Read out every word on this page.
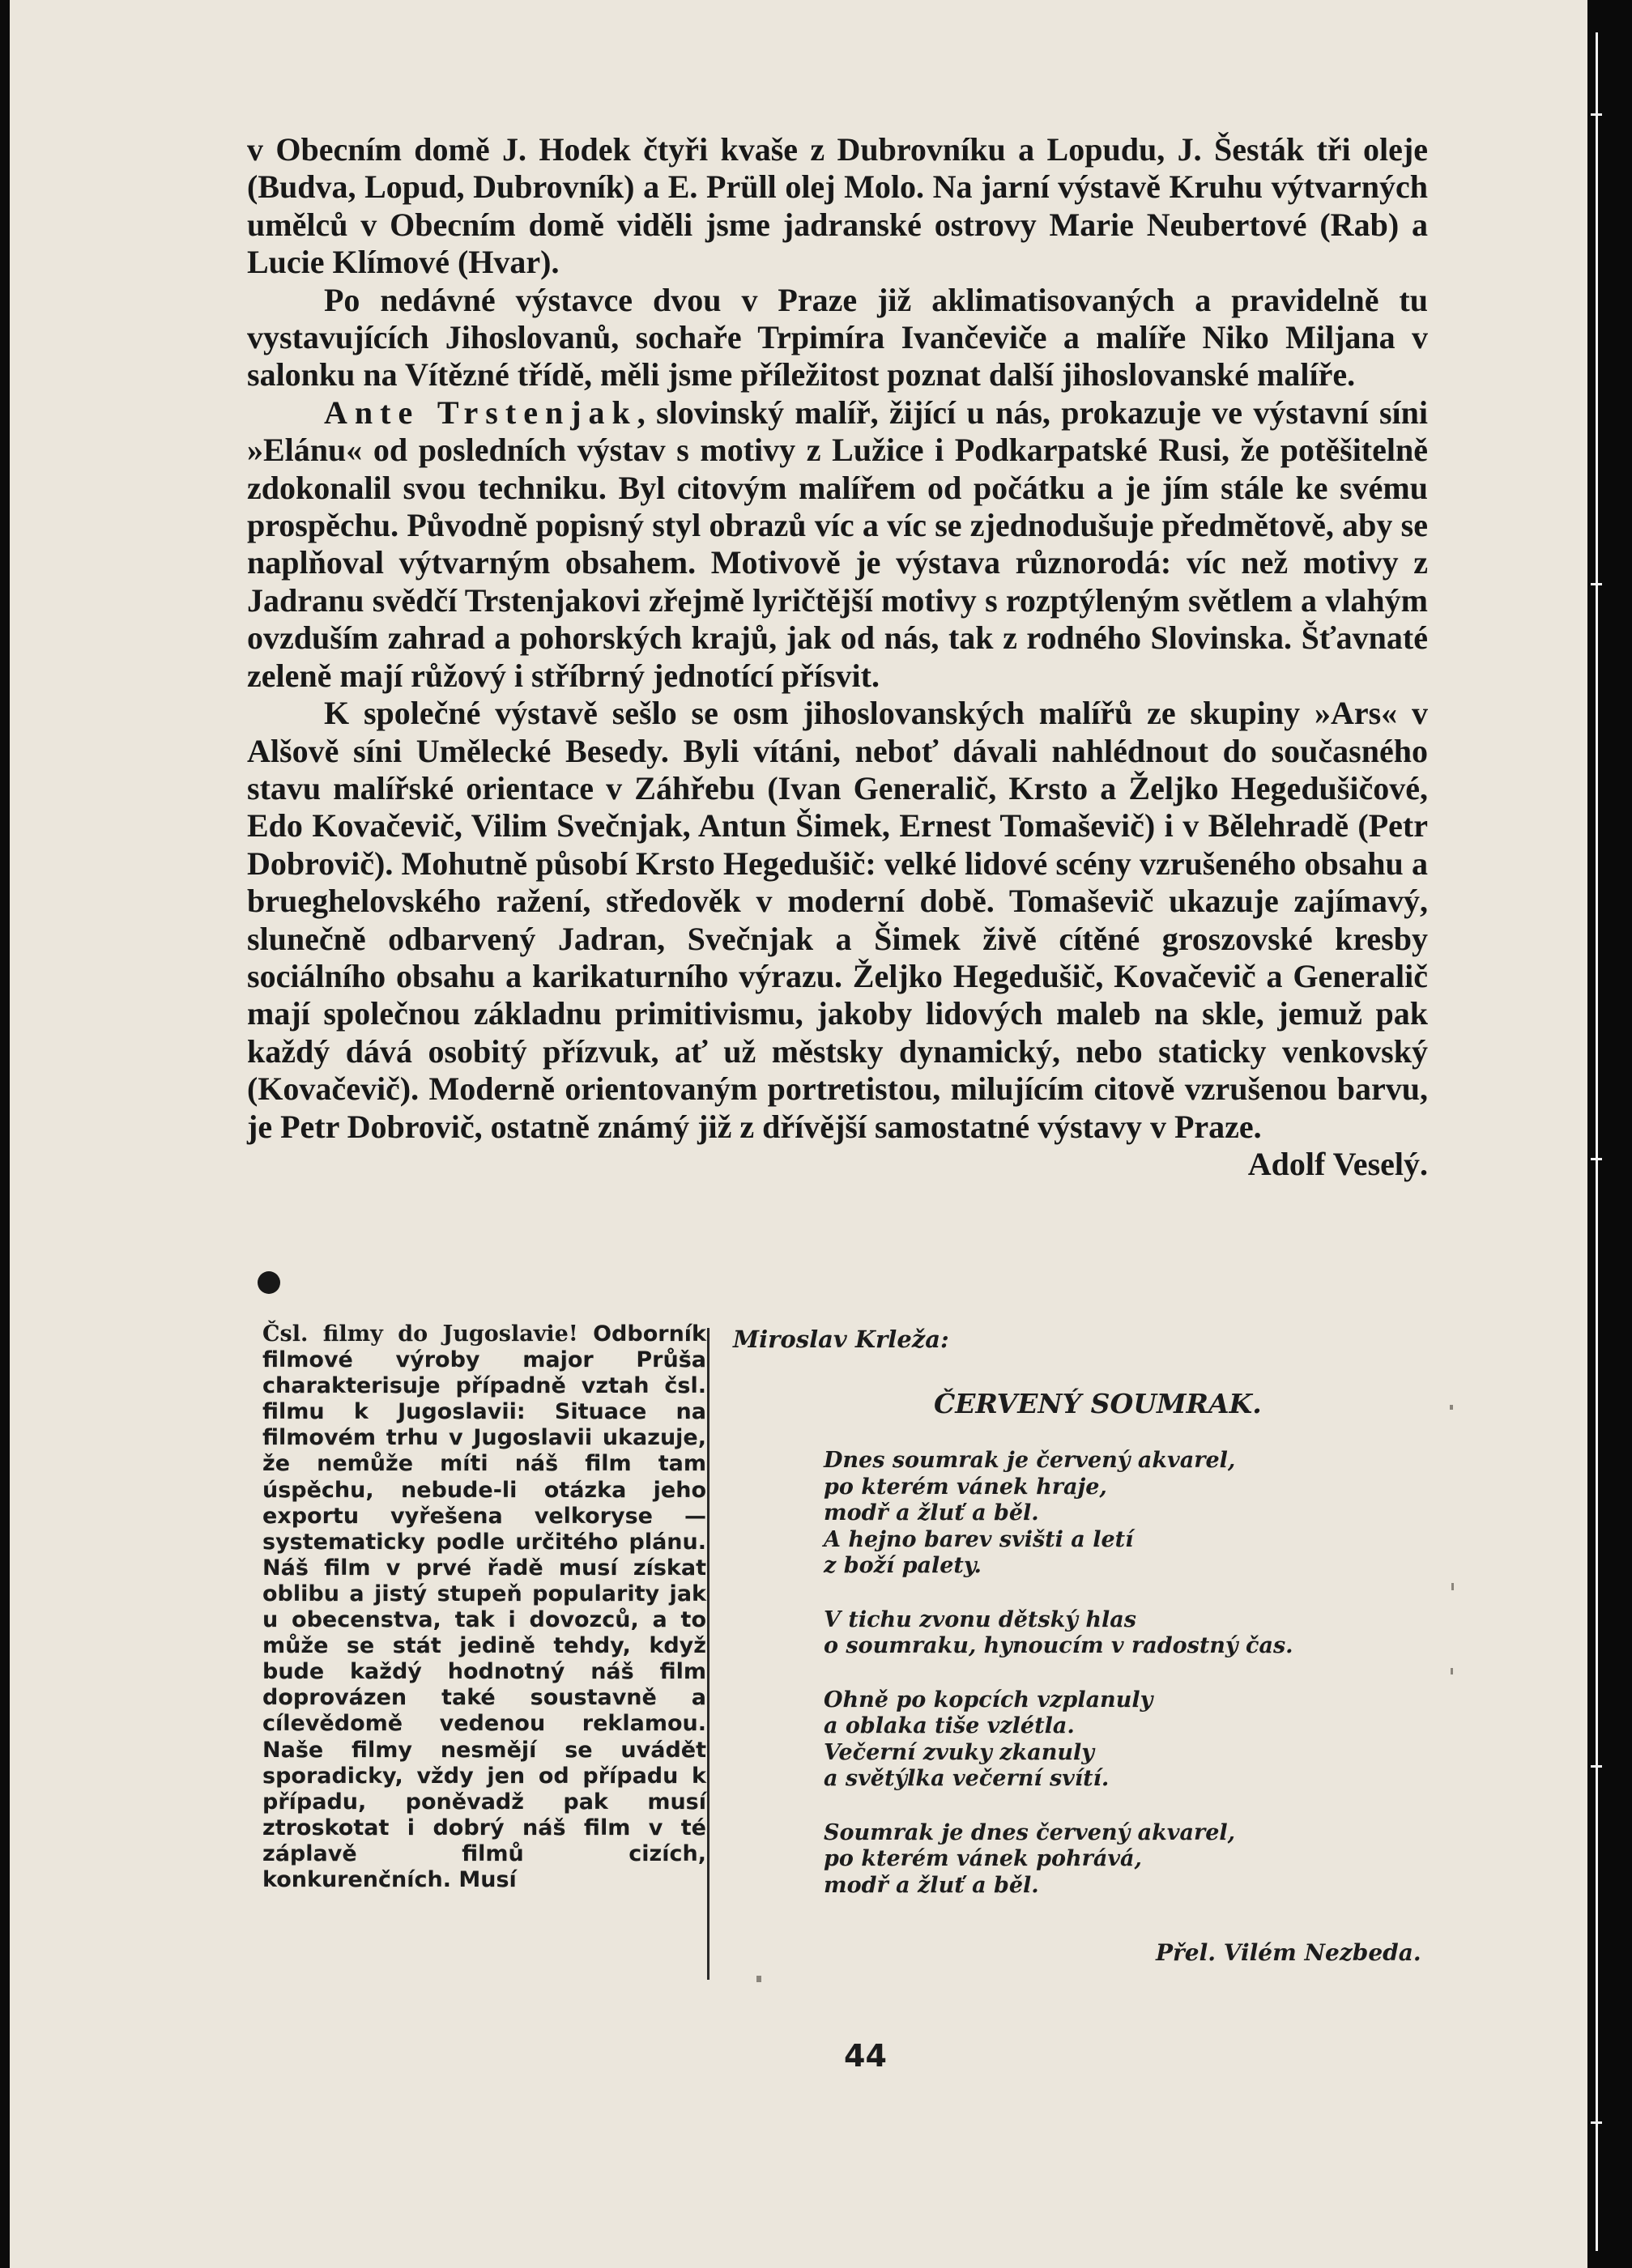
v Obecním domě J. Hodek čtyři kvaše z Dubrovníku a Lopudu, J. Šesták tři oleje (Budva, Lopud, Dubrovník) a E. Prüll olej Molo. Na jarní výstavě Kruhu výtvarných umělců v Obecním domě viděli jsme jadranské ostrovy Marie Neubertové (Rab) a Lucie Klímové (Hvar).

Po nedávné výstavce dvou v Praze již aklimatisovaných a pravidelně tu vystavujících Jihoslovanů, sochaře Trpimíra Ivančeviče a malíře Niko Miljana v salonku na Vítězné třídě, měli jsme příležitost poznat další jihoslovanské malíře.

Ante Trstenjak, slovinský malíř, žijící u nás, prokazuje ve výstavní síni »Elánu« od posledních výstav s motivy z Lužice i Podkarpatské Rusi, že potěšitelně zdokonalil svou techniku. Byl citovým malířem od počátku a je jím stále ke svému prospěchu. Původně popisný styl obrazů víc a víc se zjednodušuje předmětově, aby se naplňoval výtvarným obsahem. Motivově je výstava různorodá: víc než motivy z Jadranu svědčí Trstenjakovi zřejmě lyričtější motivy s rozptýleným světlem a vlahým ovzduším zahrad a pohorských krajů, jak od nás, tak z rodného Slovinska. Šťavnaté zeleně mají růžový i stříbrný jednotící přísvit.

K společné výstavě sešlo se osm jihoslovanských malířů ze skupiny »Ars« v Alšově síni Umělecké Besedy. Byli vítáni, neboť dávali nahlédnout do současného stavu malířské orientace v Záhřebu (Ivan Generalič, Krsto a Željko Hegedušičové, Edo Kovačevič, Vilim Svečnjak, Antun Šimek, Ernest Tomaševič) i v Bělehradě (Petr Dobrovič). Mohutně působí Krsto Hegedušič: velké lidové scény vzrušeného obsahu a brueghelovského ražení, středověk v moderní době. Tomaševič ukazuje zajímavý, slunečně odbarvený Jadran, Svečnjak a Šimek živě cítěné groszovské kresby sociálního obsahu a karikaturního výrazu. Željko Hegedušič, Kovačevič a Generalič mají společnou základnu primitivismu, jakoby lidových maleb na skle, jemuž pak každý dává osobitý přízvuk, ať už městsky dynamický, nebo staticky venkovský (Kovačevič). Moderně orientovaným portretistou, milujícím citově vzrušenou barvu, je Petr Dobrovič, ostatně známý již z dřívější samostatné výstavy v Praze.
Adolf Veselý.

Čsl. filmy do Jugoslavie! Odborník filmové výroby major Průša charakterisuje případně vztah čsl. filmu k Jugoslavii: Situace na filmovém trhu v Jugoslavii ukazuje, že nemůže míti náš film tam úspěchu, nebude-li otázka jeho exportu vyřešena velkoryse — systematicky podle určitého plánu. Náš film v prvé řadě musí získat oblibu a jistý stupeň popularity jak u obecenstva, tak i dovozců, a to může se stát jedině tehdy, když bude každý hodnotný náš film doprovázen také soustavně a cílevědomě vedenou reklamou. Naše filmy nesmějí se uvádět sporadicky, vždy jen od případu k případu, poněvadž pak musí ztroskotat i dobrý náš film v té záplavě filmů cizích, konkurenčních. Musí

Miroslav Krleža:

ČERVENÝ SOUMRAK.

Dnes soumrak je červený akvarel,
po kterém vánek hraje,
modř a žluť a běl.
A hejno barev svišti a letí
z boží palety.
V tichu zvonu dětský hlas
o soumraku, hynoucím v radostný čas.
Ohně po kopcích vzplanuly
a oblaka tiše vzlétla.
Večerní zvuky zkanuly
a světýlka večerní svítí.
Soumrak je dnes červený akvarel,
po kterém vánek pohrává,
modř a žluť a běl.

Přel. Vilém Nezbeda.

44
